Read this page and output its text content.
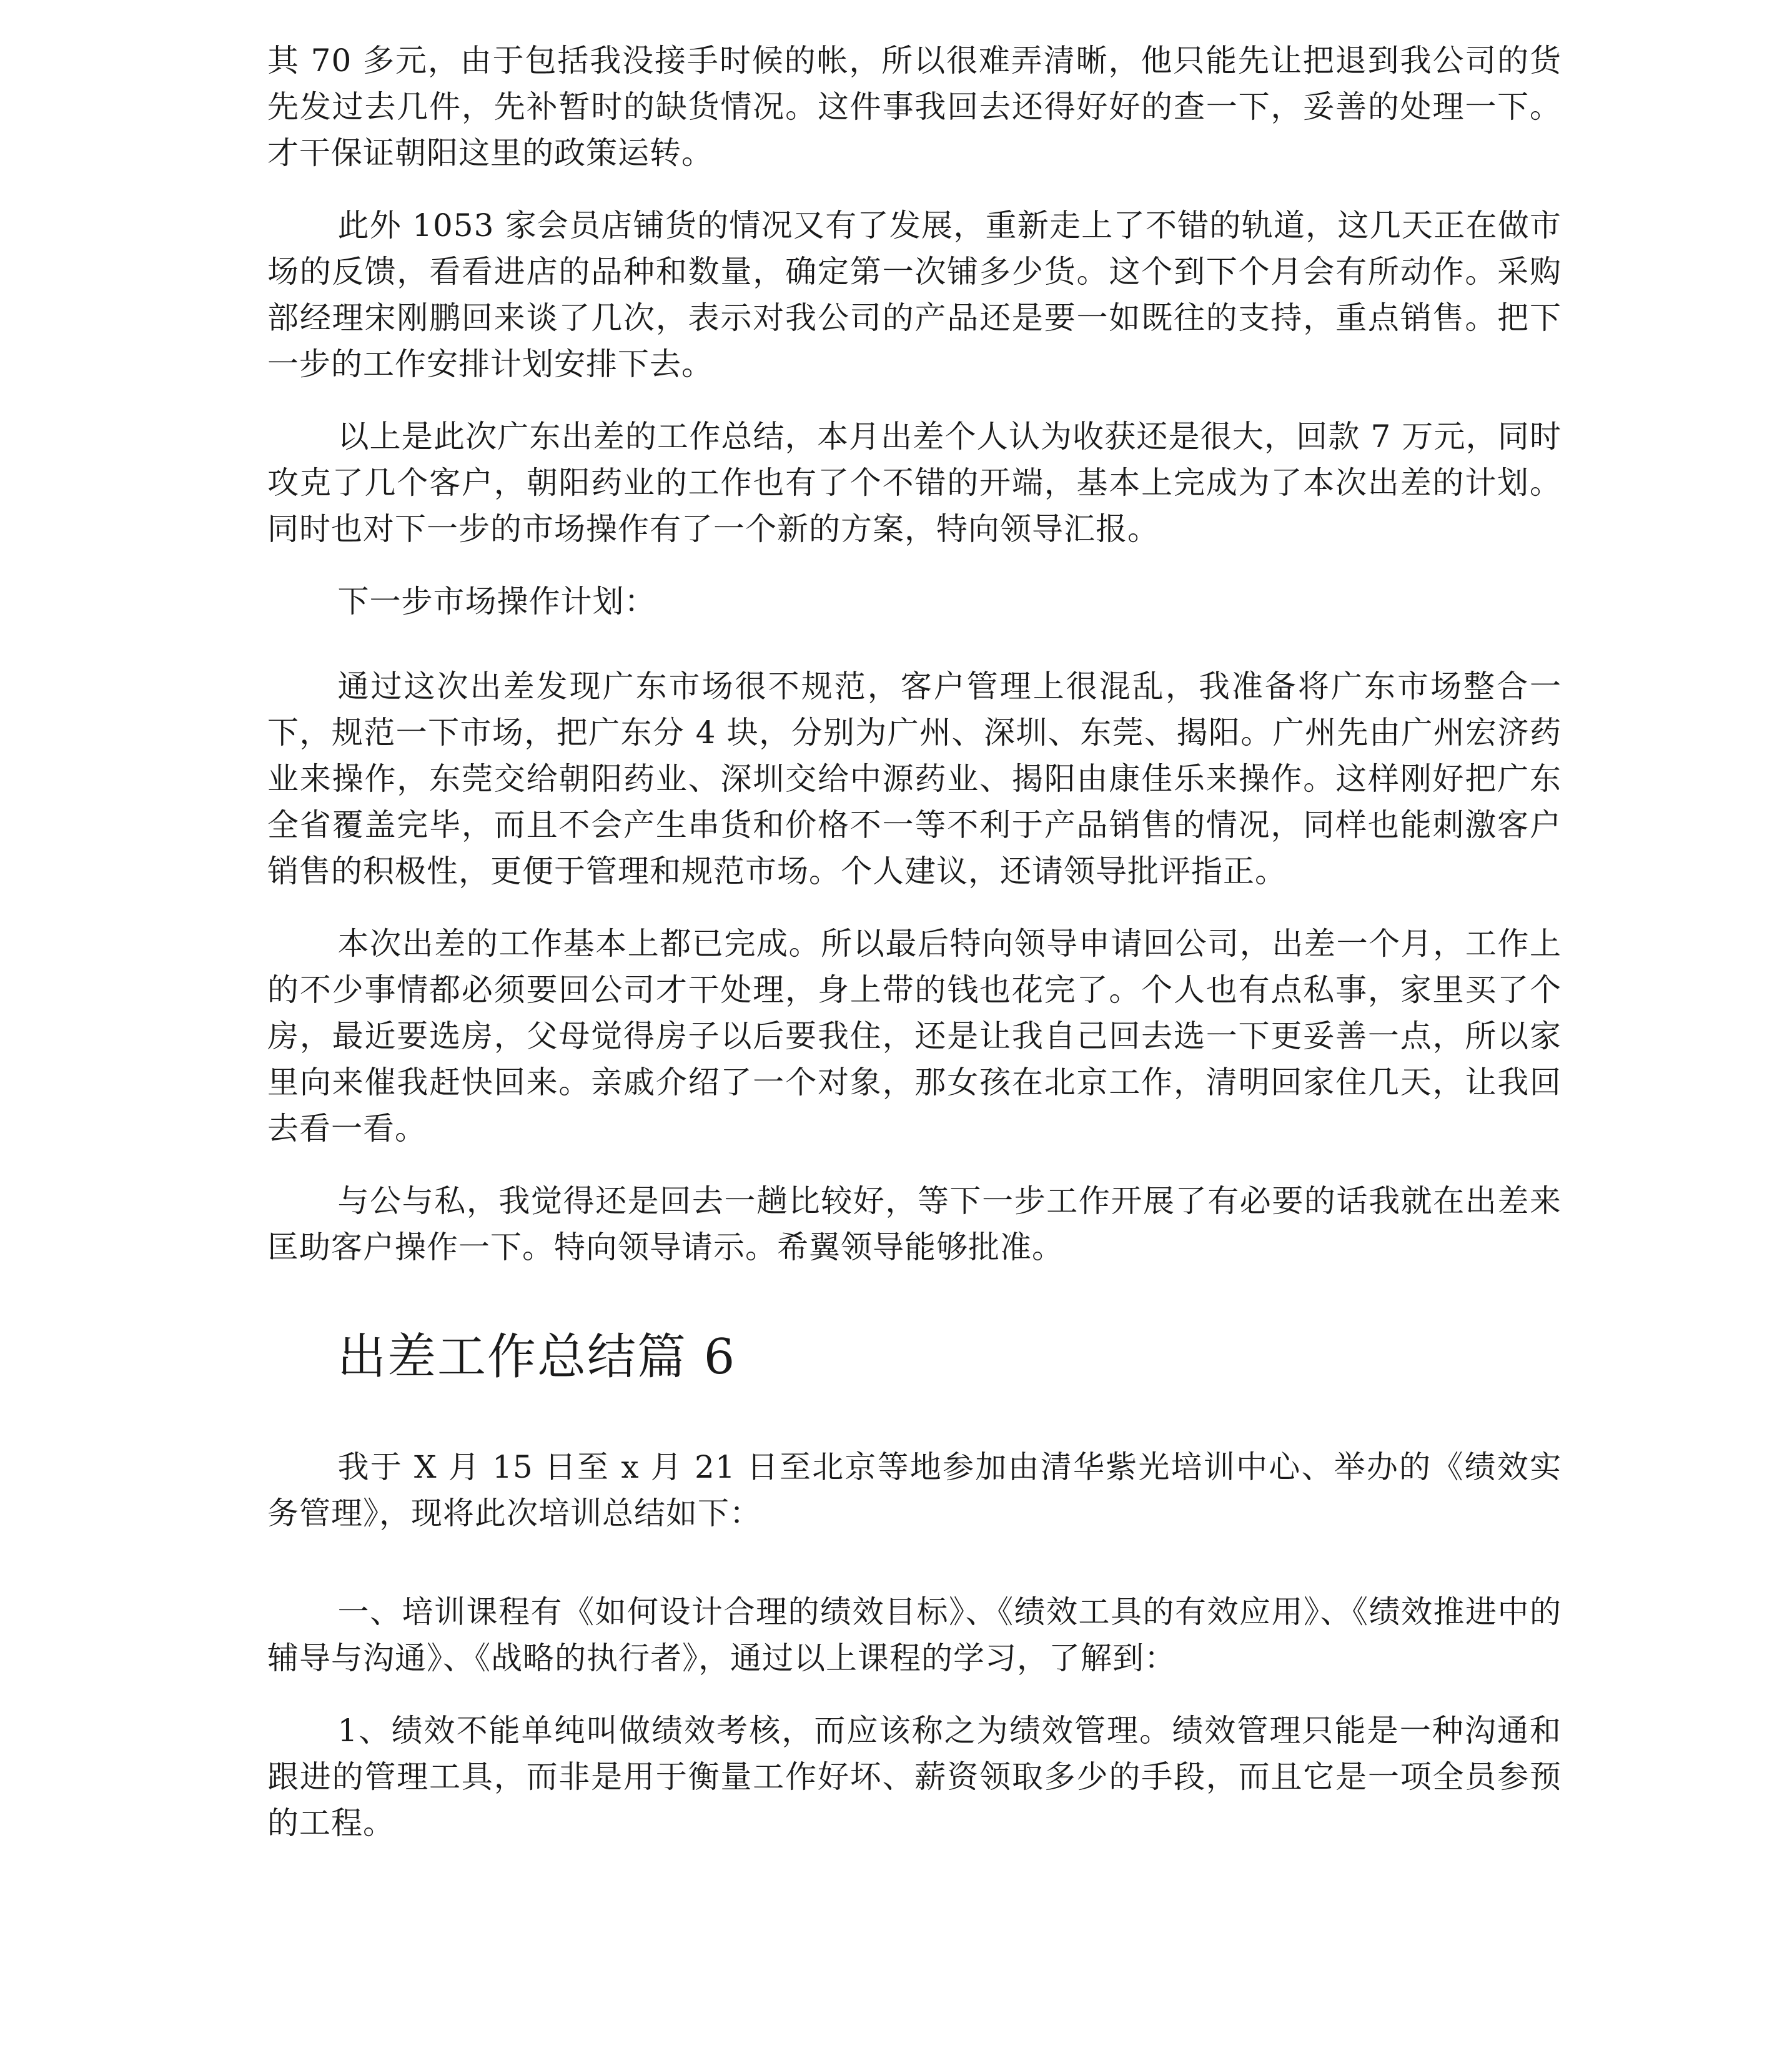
其 70 多元，由于包括我没接手时候的帐，所以很难弄清晰，他只能先让把退到我公司的货先发过去几件，先补暂时的缺货情况。这件事我回去还得好好的查一下，妥善的处理一下。才干保证朝阳这里的政策运转。

此外 1053 家会员店铺货的情况又有了发展，重新走上了不错的轨道，这几天正在做市场的反馈，看看进店的品种和数量，确定第一次铺多少货。这个到下个月会有所动作。采购部经理宋刚鹏回来谈了几次，表示对我公司的产品还是要一如既往的支持，重点销售。把下一步的工作安排计划安排下去。

以上是此次广东出差的工作总结，本月出差个人认为收获还是很大，回款 7 万元，同时攻克了几个客户，朝阳药业的工作也有了个不错的开端，基本上完成为了本次出差的计划。同时也对下一步的市场操作有了一个新的方案，特向领导汇报。

下一步市场操作计划：

通过这次出差发现广东市场很不规范，客户管理上很混乱，我准备将广东市场整合一下，规范一下市场，把广东分 4 块，分别为广州、深圳、东莞、揭阳。广州先由广州宏济药业来操作，东莞交给朝阳药业、深圳交给中源药业、揭阳由康佳乐来操作。这样刚好把广东全省覆盖完毕，而且不会产生串货和价格不一等不利于产品销售的情况，同样也能刺激客户销售的积极性，更便于管理和规范市场。个人建议，还请领导批评指正。

本次出差的工作基本上都已完成。所以最后特向领导申请回公司，出差一个月，工作上的不少事情都必须要回公司才干处理，身上带的钱也花完了。个人也有点私事，家里买了个房，最近要选房，父母觉得房子以后要我住，还是让我自己回去选一下更妥善一点，所以家里向来催我赶快回来。亲戚介绍了一个对象，那女孩在北京工作，清明回家住几天，让我回去看一看。

与公与私，我觉得还是回去一趟比较好，等下一步工作开展了有必要的话我就在出差来匡助客户操作一下。特向领导请示。希翼领导能够批准。

出差工作总结篇 6

我于 X 月 15 日至 x 月 21 日至北京等地参加由清华紫光培训中心、举办的《绩效实务管理》，现将此次培训总结如下：

一、培训课程有《如何设计合理的绩效目标》、《绩效工具的有效应用》、《绩效推进中的辅导与沟通》、《战略的执行者》，通过以上课程的学习，了解到：

1、绩效不能单纯叫做绩效考核，而应该称之为绩效管理。绩效管理只能是一种沟通和跟进的管理工具，而非是用于衡量工作好坏、薪资领取多少的手段，而且它是一项全员参预的工程。
